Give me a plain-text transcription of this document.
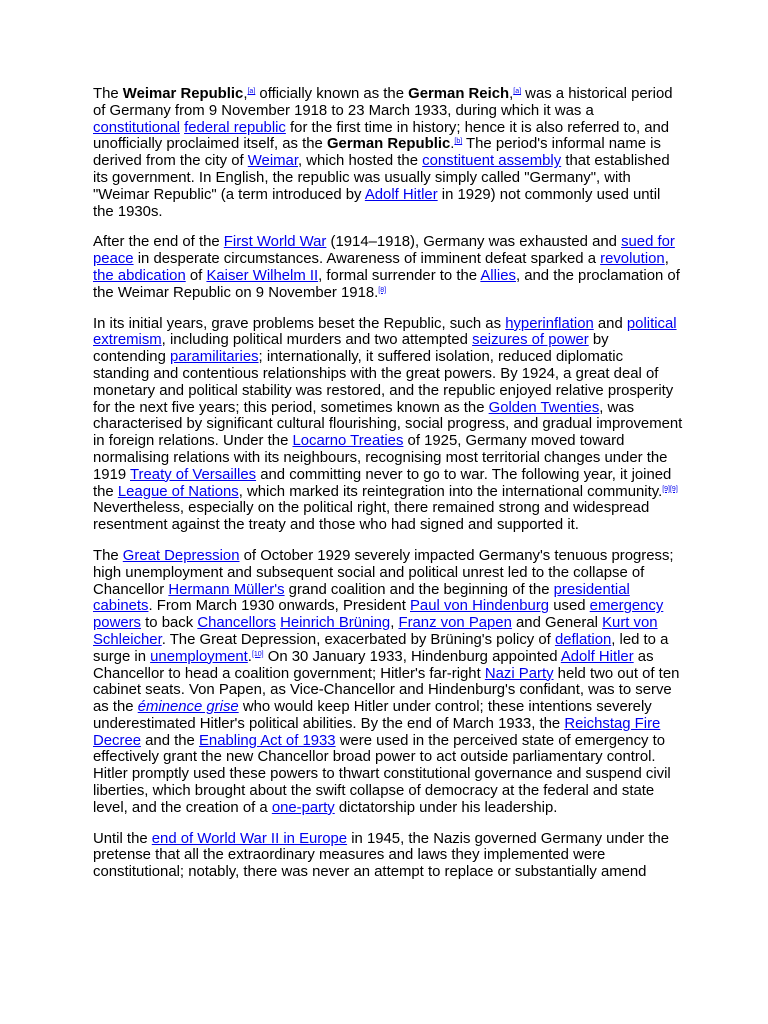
The Weimar Republic,[a] officially known as the German Reich,[a] was a historical period of Germany from 9 November 1918 to 23 March 1933, during which it was a constitutional federal republic for the first time in history; hence it is also referred to, and unofficially proclaimed itself, as the German Republic.[b] The period's informal name is derived from the city of Weimar, which hosted the constituent assembly that established its government. In English, the republic was usually simply called "Germany", with "Weimar Republic" (a term introduced by Adolf Hitler in 1929) not commonly used until the 1930s.

After the end of the First World War (1914–1918), Germany was exhausted and sued for peace in desperate circumstances. Awareness of imminent defeat sparked a revolution, the abdication of Kaiser Wilhelm II, formal surrender to the Allies, and the proclamation of the Weimar Republic on 9 November 1918.[8]

In its initial years, grave problems beset the Republic, such as hyperinflation and political extremism, including political murders and two attempted seizures of power by contending paramilitaries; internationally, it suffered isolation, reduced diplomatic standing and contentious relationships with the great powers. By 1924, a great deal of monetary and political stability was restored, and the republic enjoyed relative prosperity for the next five years; this period, sometimes known as the Golden Twenties, was characterised by significant cultural flourishing, social progress, and gradual improvement in foreign relations. Under the Locarno Treaties of 1925, Germany moved toward normalising relations with its neighbours, recognising most territorial changes under the 1919 Treaty of Versailles and committing never to go to war. The following year, it joined the League of Nations, which marked its reintegration into the international community.[9][9] Nevertheless, especially on the political right, there remained strong and widespread resentment against the treaty and those who had signed and supported it.

The Great Depression of October 1929 severely impacted Germany's tenuous progress; high unemployment and subsequent social and political unrest led to the collapse of Chancellor Hermann Müller's grand coalition and the beginning of the presidential cabinets. From March 1930 onwards, President Paul von Hindenburg used emergency powers to back Chancellors Heinrich Brüning, Franz von Papen and General Kurt von Schleicher. The Great Depression, exacerbated by Brüning's policy of deflation, led to a surge in unemployment.[10] On 30 January 1933, Hindenburg appointed Adolf Hitler as Chancellor to head a coalition government; Hitler's far-right Nazi Party held two out of ten cabinet seats. Von Papen, as Vice-Chancellor and Hindenburg's confidant, was to serve as the éminence grise who would keep Hitler under control; these intentions severely underestimated Hitler's political abilities. By the end of March 1933, the Reichstag Fire Decree and the Enabling Act of 1933 were used in the perceived state of emergency to effectively grant the new Chancellor broad power to act outside parliamentary control. Hitler promptly used these powers to thwart constitutional governance and suspend civil liberties, which brought about the swift collapse of democracy at the federal and state level, and the creation of a one-party dictatorship under his leadership.

Until the end of World War II in Europe in 1945, the Nazis governed Germany under the pretense that all the extraordinary measures and laws they implemented were constitutional; notably, there was never an attempt to replace or substantially amend
